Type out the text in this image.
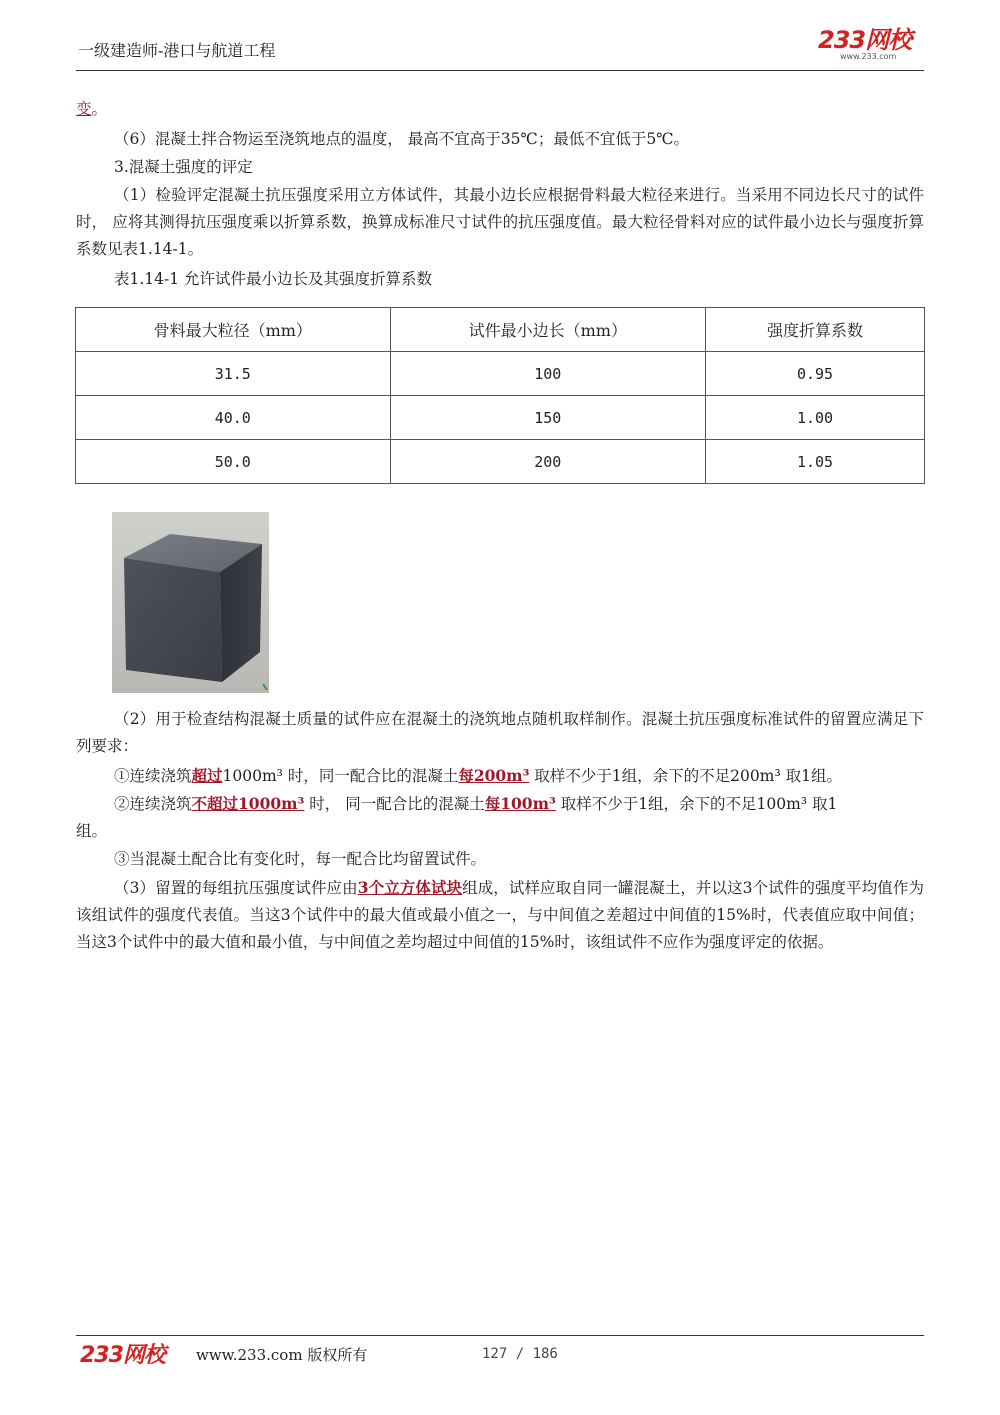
一级建造师-港口与航道工程	233网校
www.233.com
变。
（6）混凝土拌合物运至浇筑地点的温度， 最高不宜高于35℃；最低不宜低于5℃。
3.混凝土强度的评定
（1）检验评定混凝土抗压强度采用立方体试件，其最小边长应根据骨料最大粒径来进行。当采用不同边长尺寸的试件时， 应将其测得抗压强度乘以折算系数，换算成标准尺寸试件的抗压强度值。最大粒径骨料对应的试件最小边长与强度折算系数见表1.14-1。
表1.14-1 允许试件最小边长及其强度折算系数
骨料最大粒径（mm）	试件最小边长（mm）	强度折算系数
31.5	100	0.95
40.0	150	1.00
50.0	200	1.05
（2）用于检查结构混凝土质量的试件应在混凝土的浇筑地点随机取样制作。混凝土抗压强度标准试件的留置应满足下列要求：
①连续浇筑超过1000m³ 时，同一配合比的混凝土每200m³ 取样不少于1组，余下的不足200m³ 取1组。
②连续浇筑不超过1000m³ 时， 同一配合比的混凝土每100m³ 取样不少于1组，余下的不足100m³ 取1
组。
③当混凝土配合比有变化时，每一配合比均留置试件。
（3）留置的每组抗压强度试件应由3个立方体试块组成，试样应取自同一罐混凝土，并以这3个试件的强度平均值作为该组试件的强度代表值。当这3个试件中的最大值或最小值之一，与中间值之差超过中间值的15%时，代表值应取中间值；当这3个试件中的最大值和最小值，与中间值之差均超过中间值的15%时，该组试件不应作为强度评定的依据。
233网校 www.233.com 版权所有	127 / 186
